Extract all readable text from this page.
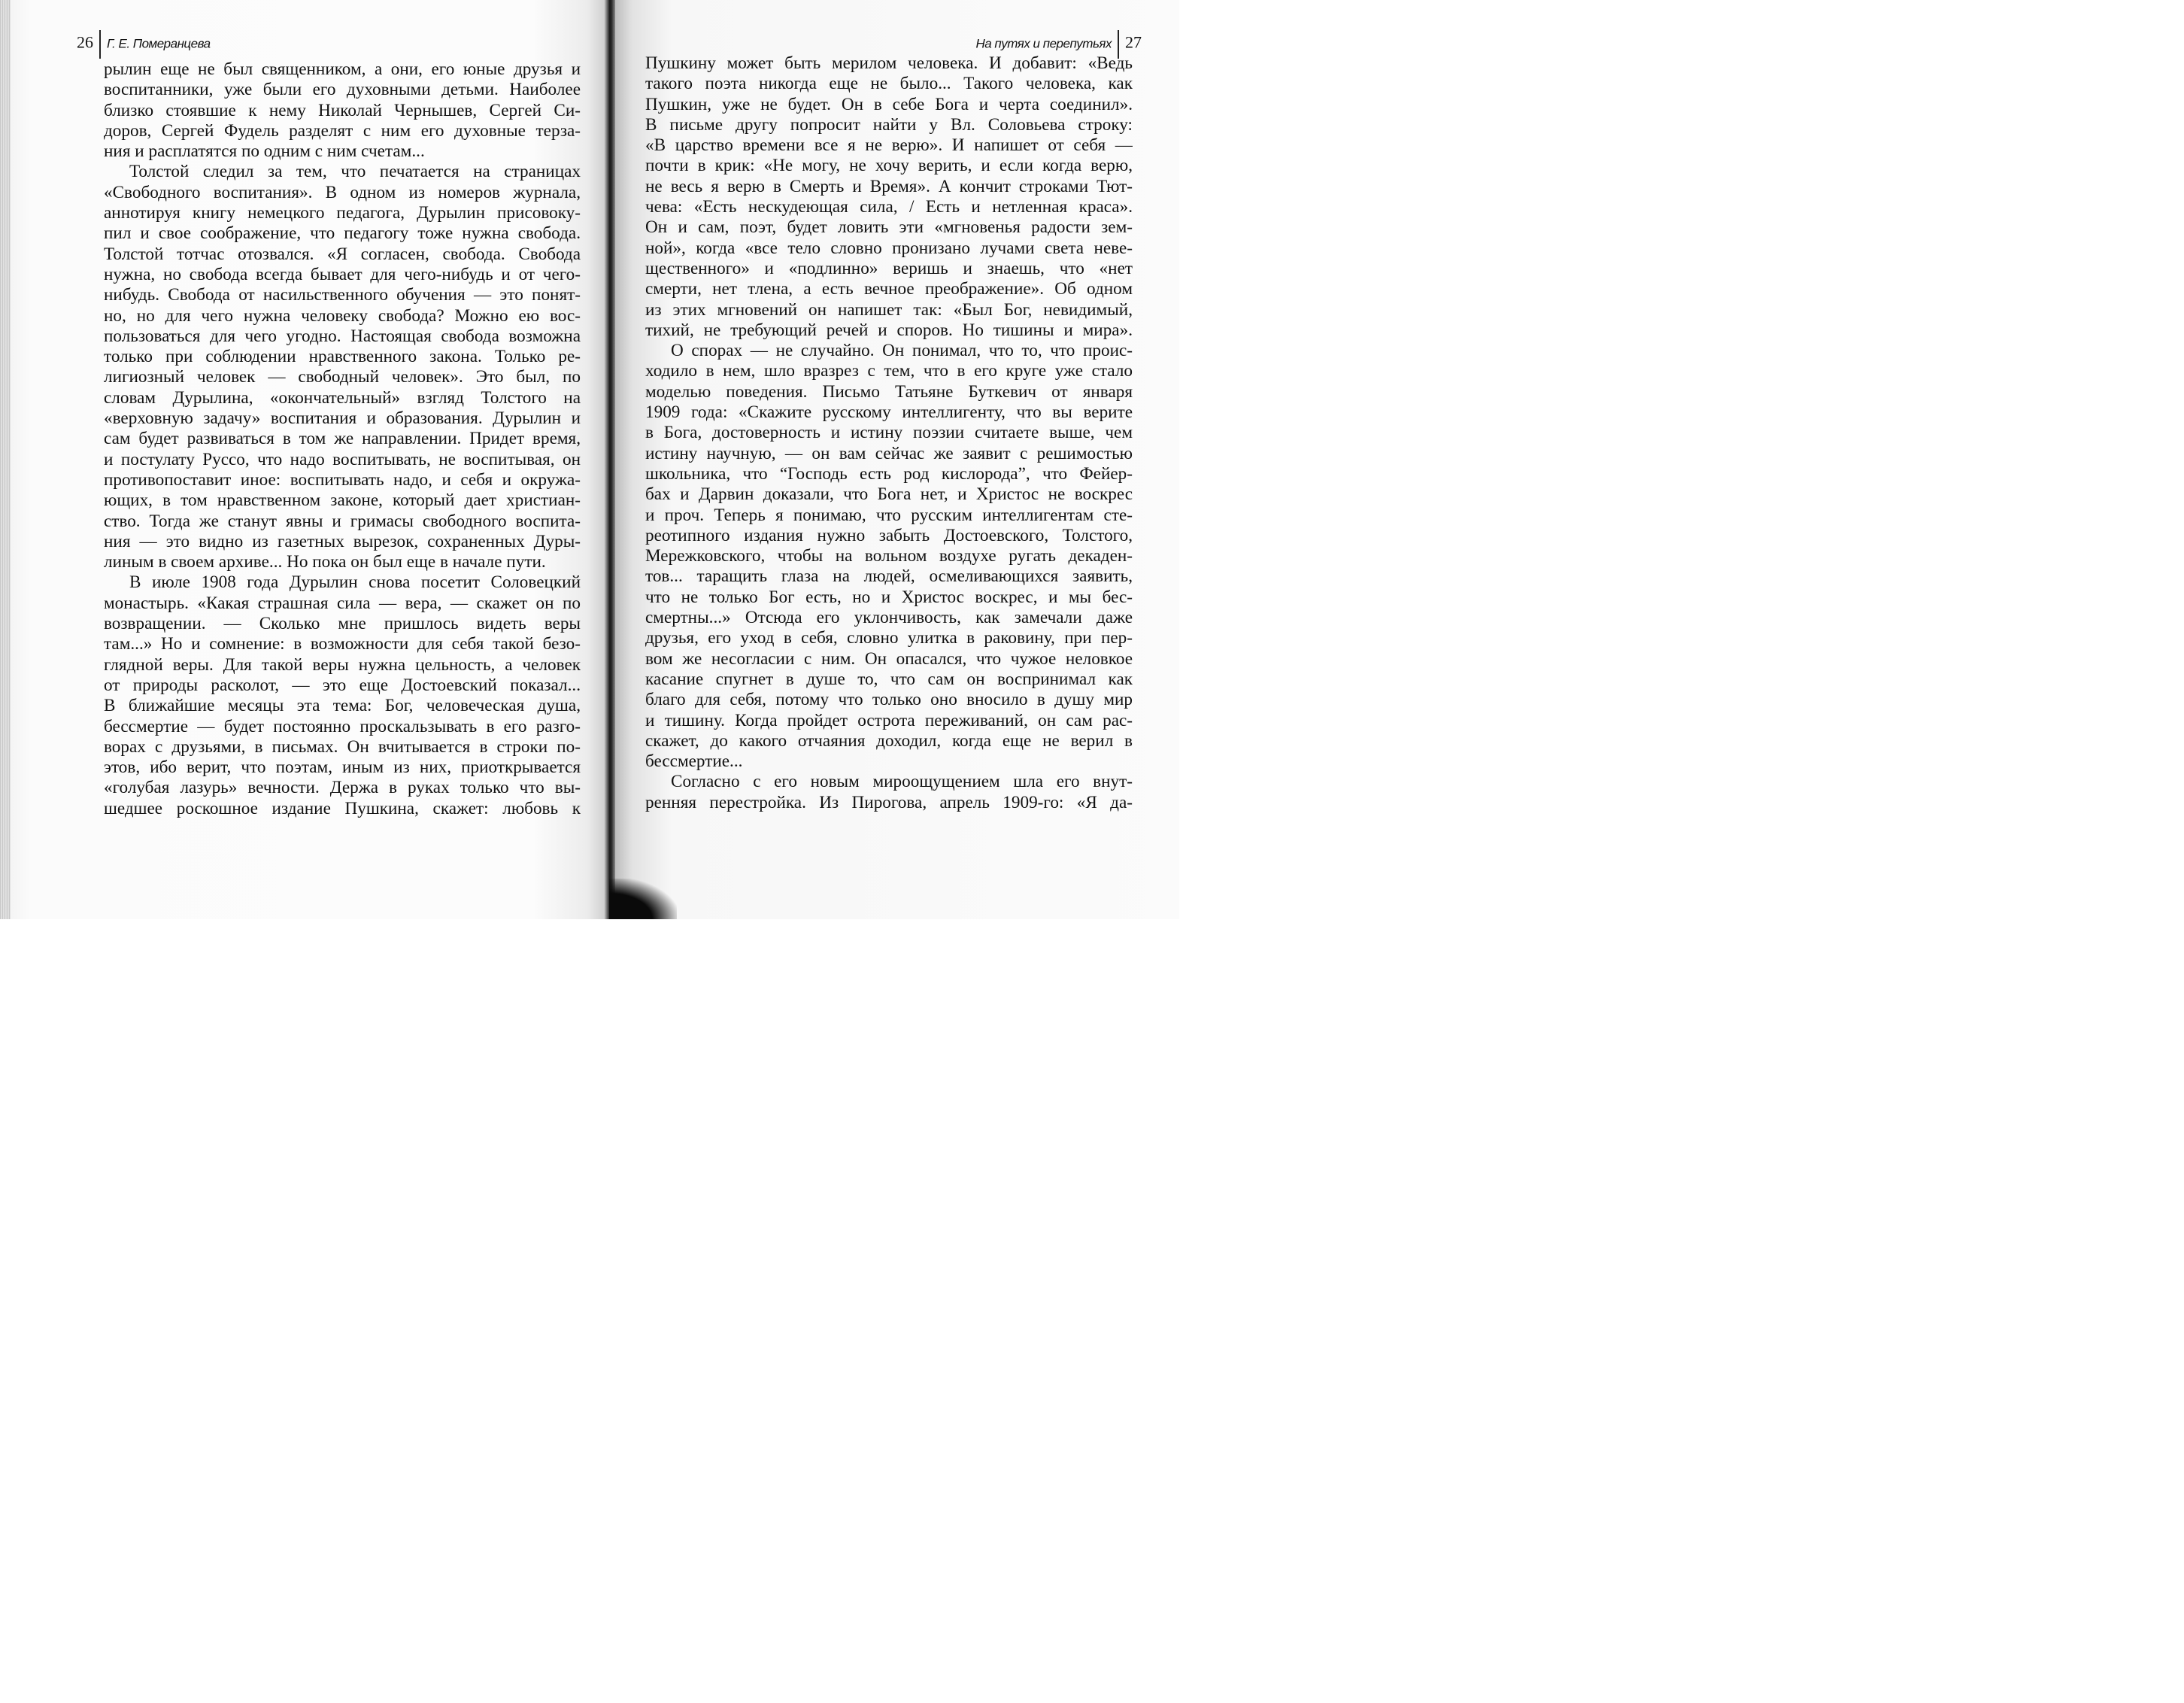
26 Г. Е. Померанцева
рылин еще не был священником, а они, его юные друзья и
воспитанники, уже были его духовными детьми. Наиболее
близко стоявшие к нему Николай Чернышев, Сергей Си-
доров, Сергей Фудель разделят с ним его духовные терза-
ния и расплатятся по одним с ним счетам...
Толстой следил за тем, что печатается на страницах
«Свободного воспитания». В одном из номеров журнала,
аннотируя книгу немецкого педагога, Дурылин присовоку-
пил и свое соображение, что педагогу тоже нужна свобода.
Толстой тотчас отозвался. «Я согласен, свобода. Свобода
нужна, но свобода всегда бывает для чего-нибудь и от чего-
нибудь. Свобода от насильственного обучения — это понят-
но, но для чего нужна человеку свобода? Можно ею вос-
пользоваться для чего угодно. Настоящая свобода возможна
только при соблюдении нравственного закона. Только ре-
лигиозный человек — свободный человек». Это был, по
словам Дурылина, «окончательный» взгляд Толстого на
«верховную задачу» воспитания и образования. Дурылин и
сам будет развиваться в том же направлении. Придет время,
и постулату Руссо, что надо воспитывать, не воспитывая, он
противопоставит иное: воспитывать надо, и себя и окружа-
ющих, в том нравственном законе, который дает христиан-
ство. Тогда же станут явны и гримасы свободного воспита-
ния — это видно из газетных вырезок, сохраненных Дуры-
линым в своем архиве... Но пока он был еще в начале пути.
В июле 1908 года Дурылин снова посетит Соловецкий
монастырь. «Какая страшная сила — вера, — скажет он по
возвращении. — Сколько мне пришлось видеть веры
там...» Но и сомнение: в возможности для себя такой безо-
глядной веры. Для такой веры нужна цельность, а человек
от природы расколот, — это еще Достоевский показал...
В ближайшие месяцы эта тема: Бог, человеческая душа,
бессмертие — будет постоянно проскальзывать в его разго-
ворах с друзьями, в письмах. Он вчитывается в строки по-
этов, ибо верит, что поэтам, иным из них, приоткрывается
«голубая лазурь» вечности. Держа в руках только что вы-
шедшее роскошное издание Пушкина, скажет: любовь к
На путях и перепутьях 27
Пушкину может быть мерилом человека. И добавит: «Ведь
такого поэта никогда еще не было... Такого человека, как
Пушкин, уже не будет. Он в себе Бога и черта соединил».
В письме другу попросит найти у Вл. Соловьева строку:
«В царство времени все я не верю». И напишет от себя —
почти в крик: «Не могу, не хочу верить, и если когда верю,
не весь я верю в Смерть и Время». А кончит строками Тют-
чева: «Есть нескудеющая сила, / Есть и нетленная краса».
Он и сам, поэт, будет ловить эти «мгновенья радости зем-
ной», когда «все тело словно пронизано лучами света неве-
щественного» и «подлинно» веришь и знаешь, что «нет
смерти, нет тлена, а есть вечное преображение». Об одном
из этих мгновений он напишет так: «Был Бог, невидимый,
тихий, не требующий речей и споров. Но тишины и мира».
О спорах — не случайно. Он понимал, что то, что проис-
ходило в нем, шло вразрез с тем, что в его круге уже стало
моделью поведения. Письмо Татьяне Буткевич от января
1909 года: «Скажите русскому интеллигенту, что вы верите
в Бога, достоверность и истину поэзии считаете выше, чем
истину научную, — он вам сейчас же заявит с решимостью
школьника, что “Господь есть род кислорода”, что Фейер-
бах и Дарвин доказали, что Бога нет, и Христос не воскрес
и проч. Теперь я понимаю, что русским интеллигентам сте-
реотипного издания нужно забыть Достоевского, Толстого,
Мережковского, чтобы на вольном воздухе ругать декаден-
тов... таращить глаза на людей, осмеливающихся заявить,
что не только Бог есть, но и Христос воскрес, и мы бес-
смертны...» Отсюда его уклончивость, как замечали даже
друзья, его уход в себя, словно улитка в раковину, при пер-
вом же несогласии с ним. Он опасался, что чужое неловкое
касание спугнет в душе то, что сам он воспринимал как
благо для себя, потому что только оно вносило в душу мир
и тишину. Когда пройдет острота переживаний, он сам рас-
скажет, до какого отчаяния доходил, когда еще не верил в
бессмертие...
Согласно с его новым мироощущением шла его внут-
ренняя перестройка. Из Пирогова, апрель 1909-го: «Я да-
